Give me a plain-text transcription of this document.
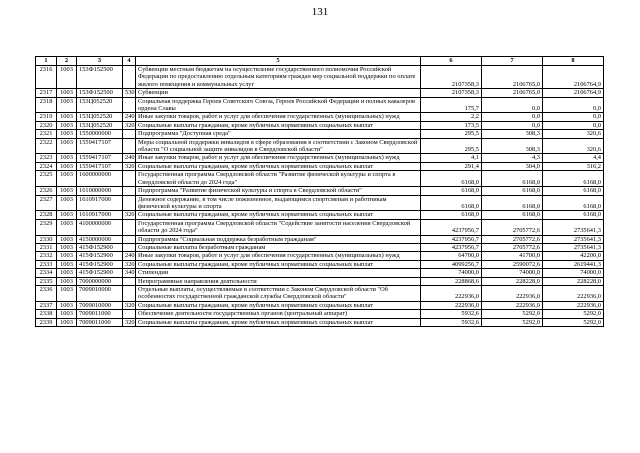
131
1	2	3	4	5	6	7	8
2316	1003	153Ф152500		Субвенции местным бюджетам на осуществление государственного полномочия Российской Федерации по предоставлению отдельным категориям граждан мер социальной поддержки по оплате жилого помещения и коммунальных услуг	2107358,3	2106765,0	2106764,9
2317	1003	153Ф152500	530	Субвенции	2107358,3	2106765,0	2106764,9
2318	1003	153Ц052520		Социальная поддержка Героев Советского Союза, Героев Российской Федерации и полных кавалеров ордена Славы	175,7	0,0	0,0
2319	1003	153Ц052520	240	Иные закупки товаров, работ и услуг для обеспечения государственных (муниципальных) нужд	2,2	0,0	0,0
2320	1003	153Ц052520	320	Социальные выплаты гражданам, кроме публичных нормативных социальных выплат	173,5	0,0	0,0
2321	1003	1550000000		Подпрограмма "Доступная среда"	295,5	308,3	320,6
2322	1003	1559417107		Меры социальной поддержки инвалидов в сфере образования в соответствии с Законом Свердловской области "О социальной защите инвалидов в Свердловской области"	295,5	308,3	320,6
2323	1003	1559417107	240	Иные закупки товаров, работ и услуг для обеспечения государственных (муниципальных) нужд	4,1	4,3	4,4
2324	1003	1559417107	320	Социальные выплаты гражданам, кроме публичных нормативных социальных выплат	291,4	304,0	316,2
2325	1003	1600000000		Государственная программа Свердловской области "Развитие физической культуры и спорта в Свердловской области до 2024 года"	6168,0	6168,0	6168,0
2326	1003	1610000000		Подпрограмма "Развитие физической культуры и спорта в Свердловской области"	6168,0	6168,0	6168,0
2327	1003	1610917000		Денежное содержание, в том числе пожизненное, выдающимся спортсменам и работникам физической культуры и спорта	6168,0	6168,0	6168,0
2328	1003	1610917000	320	Социальные выплаты гражданам, кроме публичных нормативных социальных выплат	6168,0	6168,0	6168,0
2329	1003	4100000000		Государственная программа Свердловской области "Содействие занятости населения Свердловской области до 2024 года"	4237956,7	2705772,6	2735641,3
2330	1003	4150000000		Подпрограмма "Социальная поддержка безработным гражданам"	4237956,7	2705772,6	2735641,3
2331	1003	415Ф152900		Социальные выплаты безработным гражданам	4237956,7	2705772,6	2735641,3
2332	1003	415Ф152900	240	Иные закупки товаров, работ и услуг для обеспечения государственных (муниципальных) нужд	64700,0	41700,0	42200,0
2333	1003	415Ф152900	320	Социальные выплаты гражданам, кроме публичных нормативных социальных выплат	4099256,7	2590072,6	2619441,3
2334	1003	415Ф152900	340	Стипендии	74000,0	74000,0	74000,0
2335	1003	7000000000		Непрограммные направления деятельности	228868,6	228228,0	228228,0
2336	1003	7009010000		Отдельные выплаты, осуществляемые в соответствии с Законом Свердловской области "Об особенностях государственной гражданской службы Свердловской области"	222936,0	222936,0	222936,0
2337	1003	7009010000	320	Социальные выплаты гражданам, кроме публичных нормативных социальных выплат	222936,0	222936,0	222936,0
2338	1003	7009011000		Обеспечение деятельности государственных органов (центральный аппарат)	5932,6	5292,0	5292,0
2339	1003	7009011000	320	Социальные выплаты гражданам, кроме публичных нормативных социальных выплат	5932,6	5292,0	5292,0
